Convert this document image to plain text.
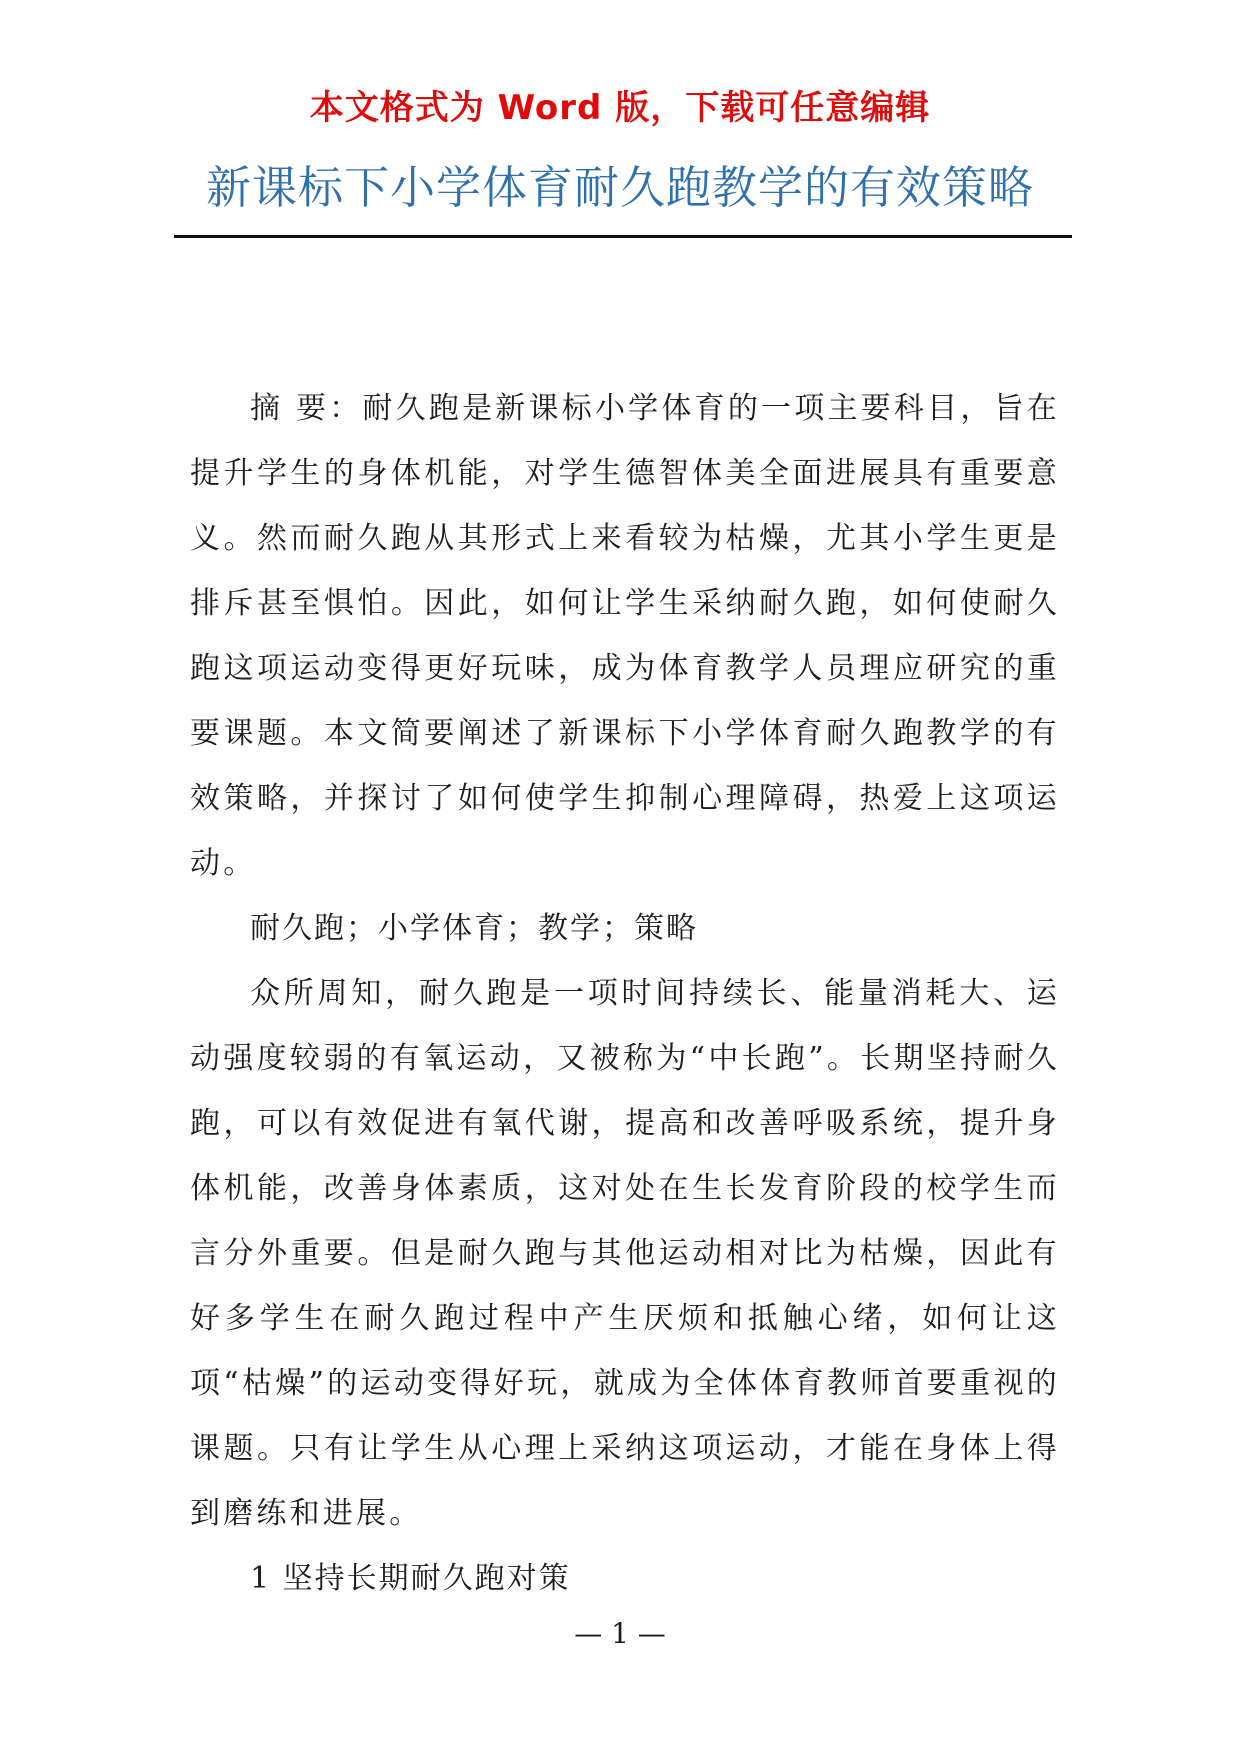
本文格式为 Word 版，下载可任意编辑
新课标下小学体育耐久跑教学的有效策略

摘 要：耐久跑是新课标小学体育的一项主要科目，旨在提升学生的身体机能，对学生德智体美全面进展具有重要意义。然而耐久跑从其形式上来看较为枯燥，尤其小学生更是排斥甚至惧怕。因此，如何让学生采纳耐久跑，如何使耐久跑这项运动变得更好玩味，成为体育教学人员理应研究的重要课题。本文简要阐述了新课标下小学体育耐久跑教学的有效策略，并探讨了如何使学生抑制心理障碍，热爱上这项运动。

耐久跑；小学体育；教学；策略

众所周知，耐久跑是一项时间持续长、能量消耗大、运动强度较弱的有氧运动，又被称为“中长跑”。长期坚持耐久跑，可以有效促进有氧代谢，提高和改善呼吸系统，提升身体机能，改善身体素质，这对处在生长发育阶段的校学生而言分外重要。但是耐久跑与其他运动相对比为枯燥，因此有好多学生在耐久跑过程中产生厌烦和抵触心绪，如何让这项“枯燥”的运动变得好玩，就成为全体体育教师首要重视的课题。只有让学生从心理上采纳这项运动，才能在身体上得到磨练和进展。

1 坚持长期耐久跑对策

— 1 —
